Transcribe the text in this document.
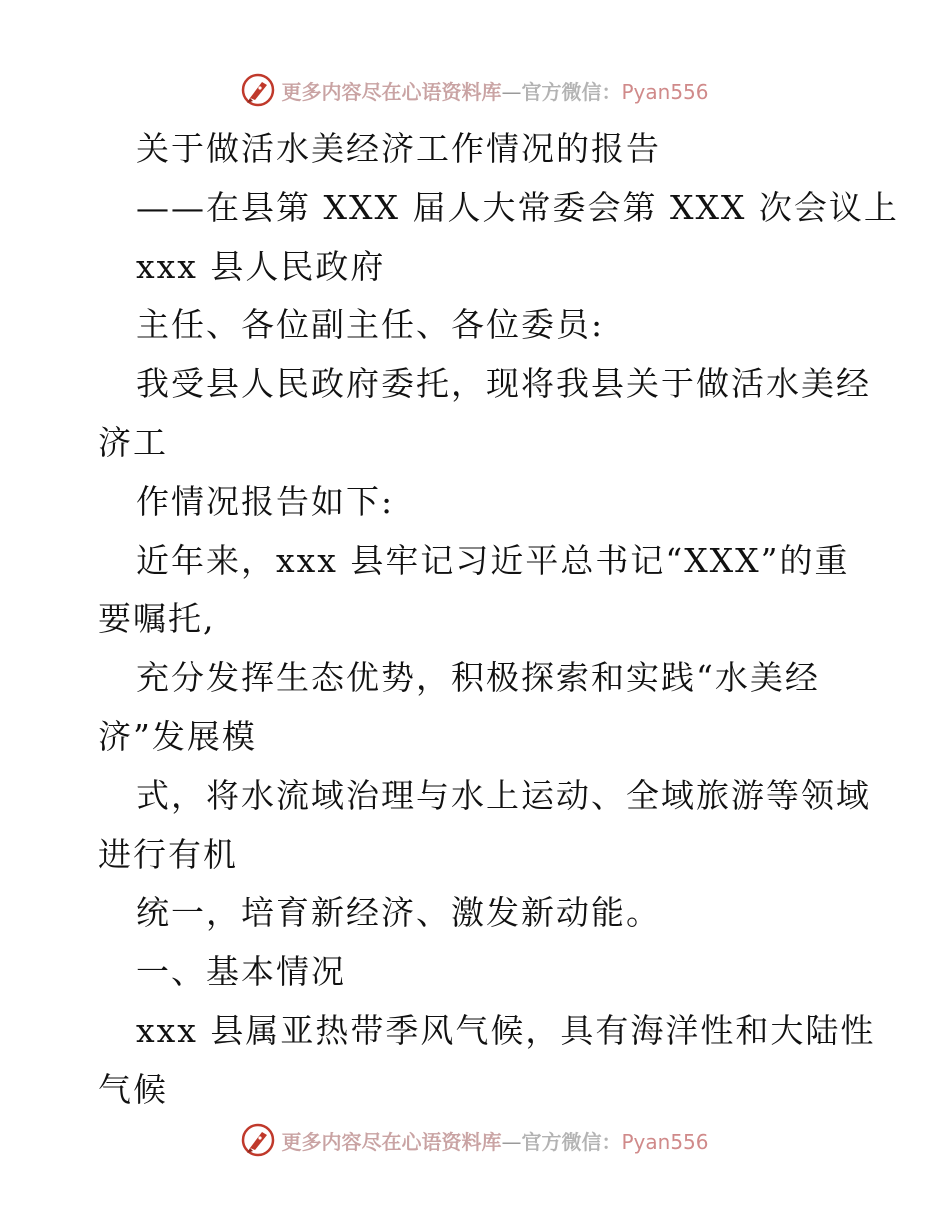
更多内容尽在心语资料库—官方微信：Pyan556

关于做活水美经济工作情况的报告

——在县第 XXX 届人大常委会第 XXX 次会议上

xxx 县人民政府

主任、各位副主任、各位委员:

我受县人民政府委托，现将我县关于做活水美经

济工

作情况报告如下:

近年来，xxx 县牢记习近平总书记“XXX”的重

要嘱托,

充分发挥生态优势，积极探索和实践“水美经

济”发展模

式，将水流域治理与水上运动、全域旅游等领域

进行有机

统一，培育新经济、激发新动能。

一、基本情况

xxx 县属亚热带季风气候，具有海洋性和大陆性

气候

更多内容尽在心语资料库—官方微信：Pyan556
